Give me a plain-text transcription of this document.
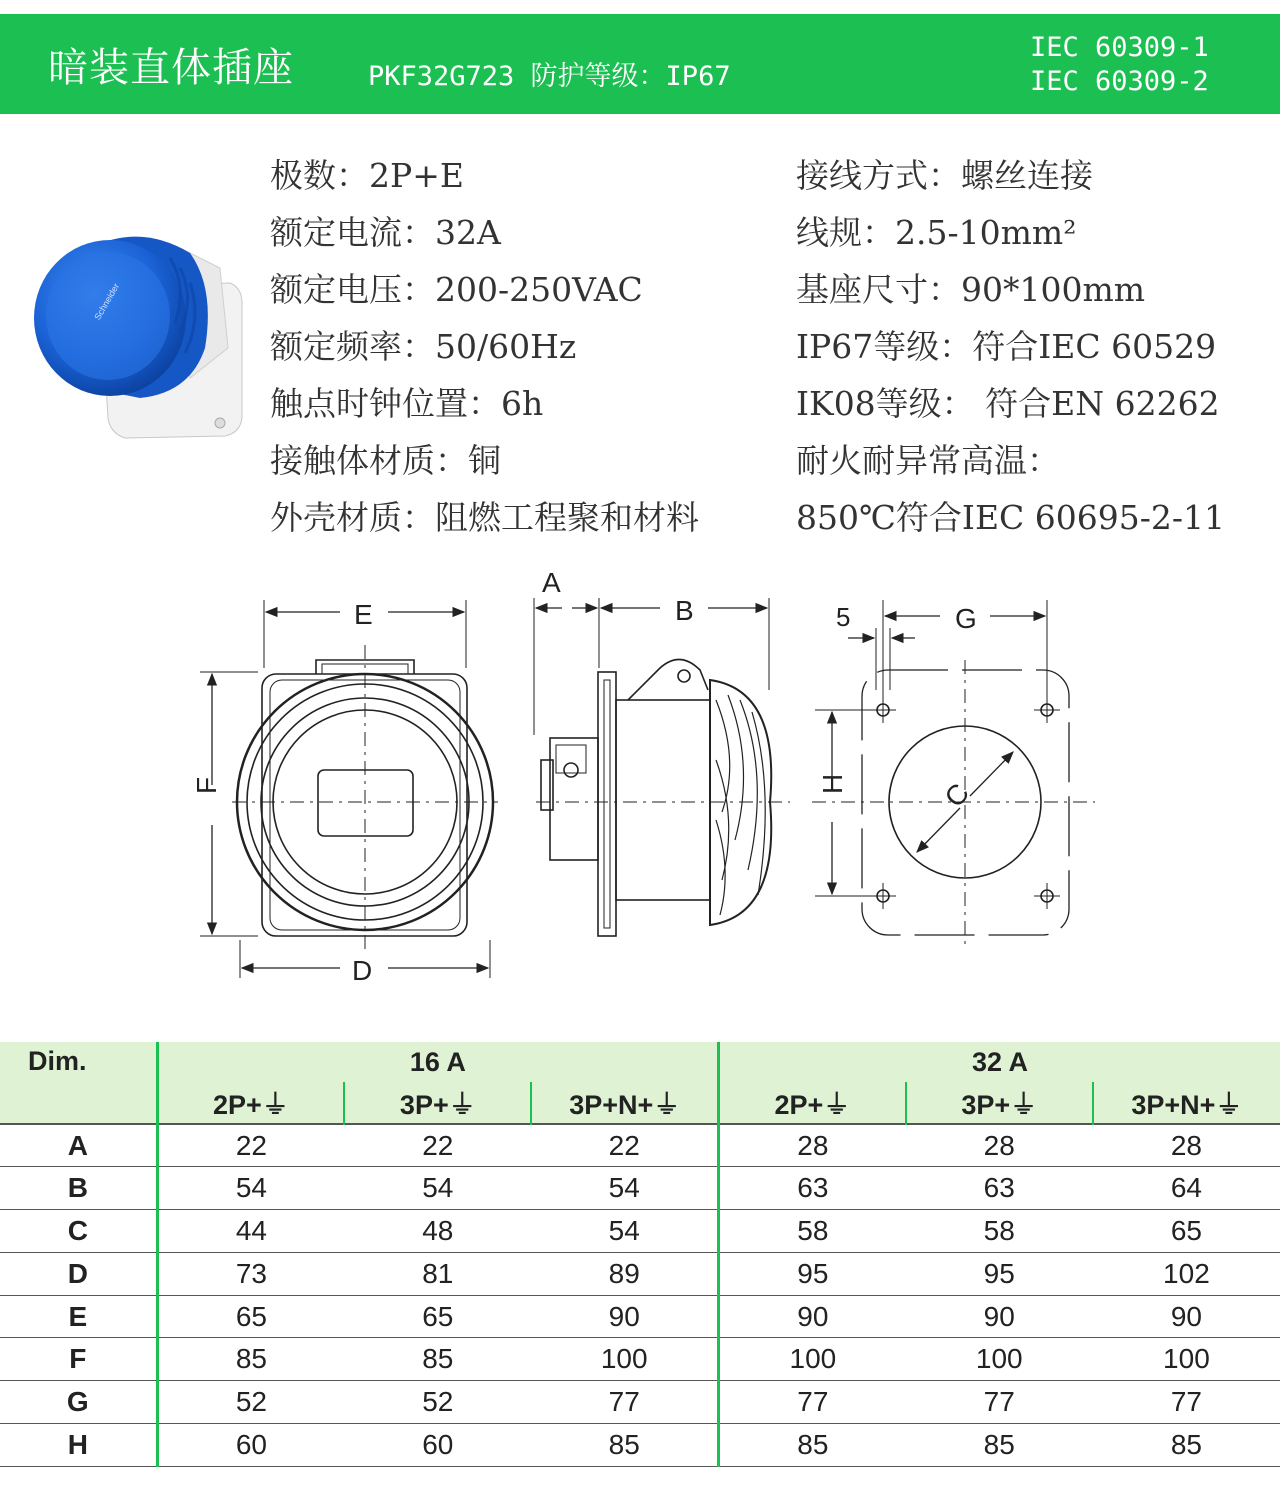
暗装直体插座	PKF32G723 防护等级：IP67
IEC 60309-1
IEC 60309-2
Schneider
极数：2P+E
额定电流：32A
额定电压：200-250VAC
额定频率：50/60Hz
触点时钟位置：6h
接触体材质：铜
外壳材质：阻燃工程聚和材料
接线方式：螺丝连接
线规：2.5-10mm²
基座尺寸：90*100mm
IP67等级：符合IEC 60529
IK08等级： 符合EN 62262
耐火耐异常高温：
850℃符合IEC 60695-2-11
E
D
F
A
B	5	G
H	C
Dim.	16 A			32 A		
	2P+⏚	3P+⏚	3P+N+⏚	2P+⏚	3P+⏚	3P+N+⏚
A	22	22	22	28	28	28
B	54	54	54	63	63	64
C	44	48	54	58	58	65
D	73	81	89	95	95	102
E	65	65	90	90	90	90
F	85	85	100	100	100	100
G	52	52	77	77	77	77
H	60	60	85	85	85	85
